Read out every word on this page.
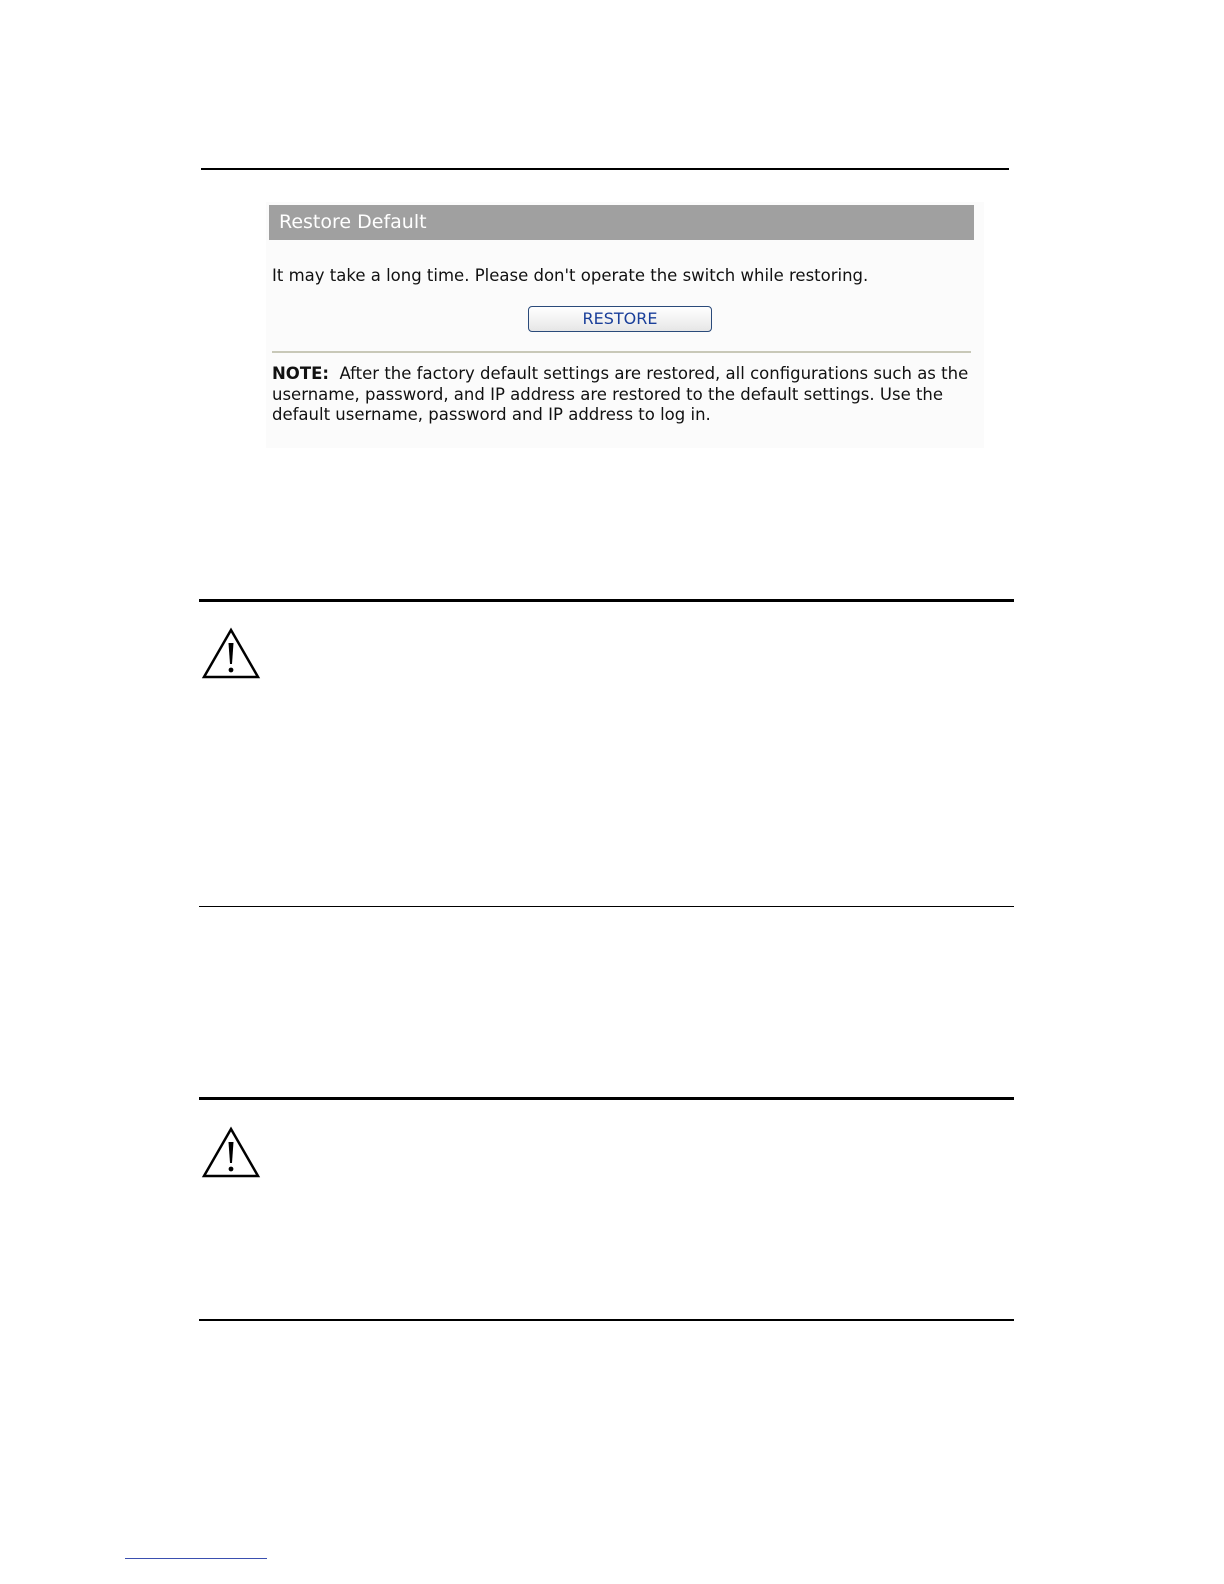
Restore Default
It may take a long time. Please don't operate the switch while restoring.
RESTORE
NOTE: After the factory default settings are restored, all configurations such as the username, password, and IP address are restored to the default settings. Use the default username, password and IP address to log in.
